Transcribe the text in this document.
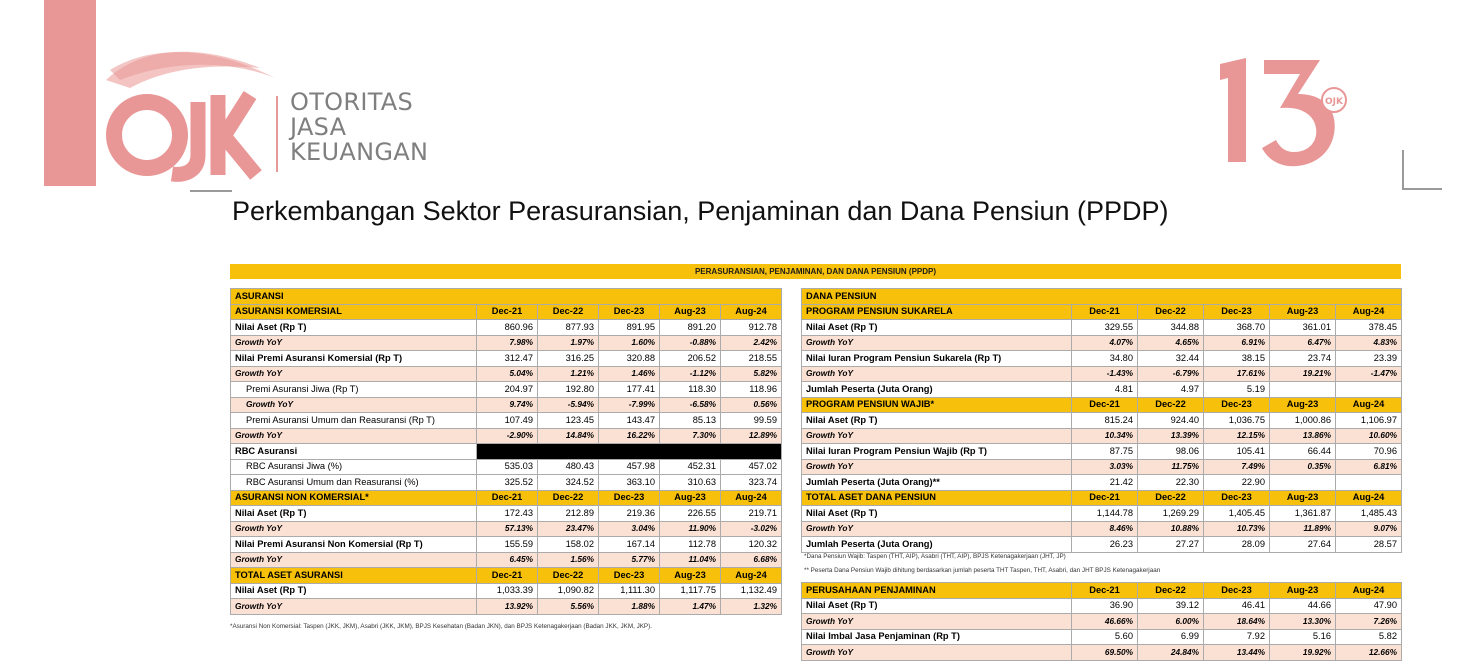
OTORITAS
JASA
KEUANGAN
OJK
Perkembangan Sektor Perasuransian, Penjaminan dan Dana Pensiun (PPDP)
PERASURANSIAN, PENJAMINAN, DAN DANA PENSIUN (PPDP)
ASURANSI					
ASURANSI KOMERSIAL	Dec-21	Dec-22	Dec-23	Aug-23	Aug-24
Nilai Aset (Rp T)	860.96	877.93	891.95	891.20	912.78
Growth YoY	7.98%	1.97%	1.60%	-0.88%	2.42%
Nilai Premi Asuransi Komersial (Rp T)	312.47	316.25	320.88	206.52	218.55
Growth YoY	5.04%	1.21%	1.46%	-1.12%	5.82%
Premi Asuransi Jiwa (Rp T)	204.97	192.80	177.41	118.30	118.96
Growth YoY	9.74%	-5.94%	-7.99%	-6.58%	0.56%
Premi Asuransi Umum dan Reasuransi (Rp T)	107.49	123.45	143.47	85.13	99.59
Growth YoY	-2.90%	14.84%	16.22%	7.30%	12.89%
RBC Asuransi					
RBC Asuransi Jiwa (%)	535.03	480.43	457.98	452.31	457.02
RBC Asuransi Umum dan Reasuransi (%)	325.52	324.52	363.10	310.63	323.74
ASURANSI NON KOMERSIAL*	Dec-21	Dec-22	Dec-23	Aug-23	Aug-24
Nilai Aset (Rp T)	172.43	212.89	219.36	226.55	219.71
Growth YoY	57.13%	23.47%	3.04%	11.90%	-3.02%
Nilai Premi Asuransi Non Komersial (Rp T)	155.59	158.02	167.14	112.78	120.32
Growth YoY	6.45%	1.56%	5.77%	11.04%	6.68%
TOTAL ASET ASURANSI	Dec-21	Dec-22	Dec-23	Aug-23	Aug-24
Nilai Aset (Rp T)	1,033.39	1,090.82	1,111.30	1,117.75	1,132.49
Growth YoY	13.92%	5.56%	1.88%	1.47%	1.32%
*Asuransi Non Komersial: Taspen (JKK, JKM), Asabri (JKK, JKM), BPJS Kesehatan (Badan JKN), dan BPJS Ketenagakerjaan (Badan JKK, JKM, JKP).
DANA PENSIUN					
PROGRAM PENSIUN SUKARELA	Dec-21	Dec-22	Dec-23	Aug-23	Aug-24
Nilai Aset (Rp T)	329.55	344.88	368.70	361.01	378.45
Growth YoY	4.07%	4.65%	6.91%	6.47%	4.83%
Nilai Iuran Program Pensiun Sukarela (Rp T)	34.80	32.44	38.15	23.74	23.39
Growth YoY	-1.43%	-6.79%	17.61%	19.21%	-1.47%
Jumlah Peserta (Juta Orang)	4.81	4.97	5.19		
PROGRAM PENSIUN WAJIB*	Dec-21	Dec-22	Dec-23	Aug-23	Aug-24
Nilai Aset (Rp T)	815.24	924.40	1,036.75	1,000.86	1,106.97
Growth YoY	10.34%	13.39%	12.15%	13.86%	10.60%
Nilai Iuran Program Pensiun Wajib (Rp T)	87.75	98.06	105.41	66.44	70.96
Growth YoY	3.03%	11.75%	7.49%	0.35%	6.81%
Jumlah Peserta (Juta Orang)**	21.42	22.30	22.90		
TOTAL ASET DANA PENSIUN	Dec-21	Dec-22	Dec-23	Aug-23	Aug-24
Nilai Aset (Rp T)	1,144.78	1,269.29	1,405.45	1,361.87	1,485.43
Growth YoY	8.46%	10.88%	10.73%	11.89%	9.07%
Jumlah Peserta (Juta Orang)	26.23	27.27	28.09	27.64	28.57
*Dana Pensiun Wajib: Taspen (THT, AIP), Asabri (THT, AIP), BPJS Ketenagakerjaan (JHT, JP)
** Peserta Dana Pensiun Wajib dihitung berdasarkan jumlah peserta THT Taspen, THT, Asabri, dan JHT BPJS Ketenagakerjaan
PERUSAHAAN PENJAMINAN	Dec-21	Dec-22	Dec-23	Aug-23	Aug-24
Nilai Aset (Rp T)	36.90	39.12	46.41	44.66	47.90
Growth YoY	46.66%	6.00%	18.64%	13.30%	7.26%
Nilai Imbal Jasa Penjaminan (Rp T)	5.60	6.99	7.92	5.16	5.82
Growth YoY	69.50%	24.84%	13.44%	19.92%	12.66%
